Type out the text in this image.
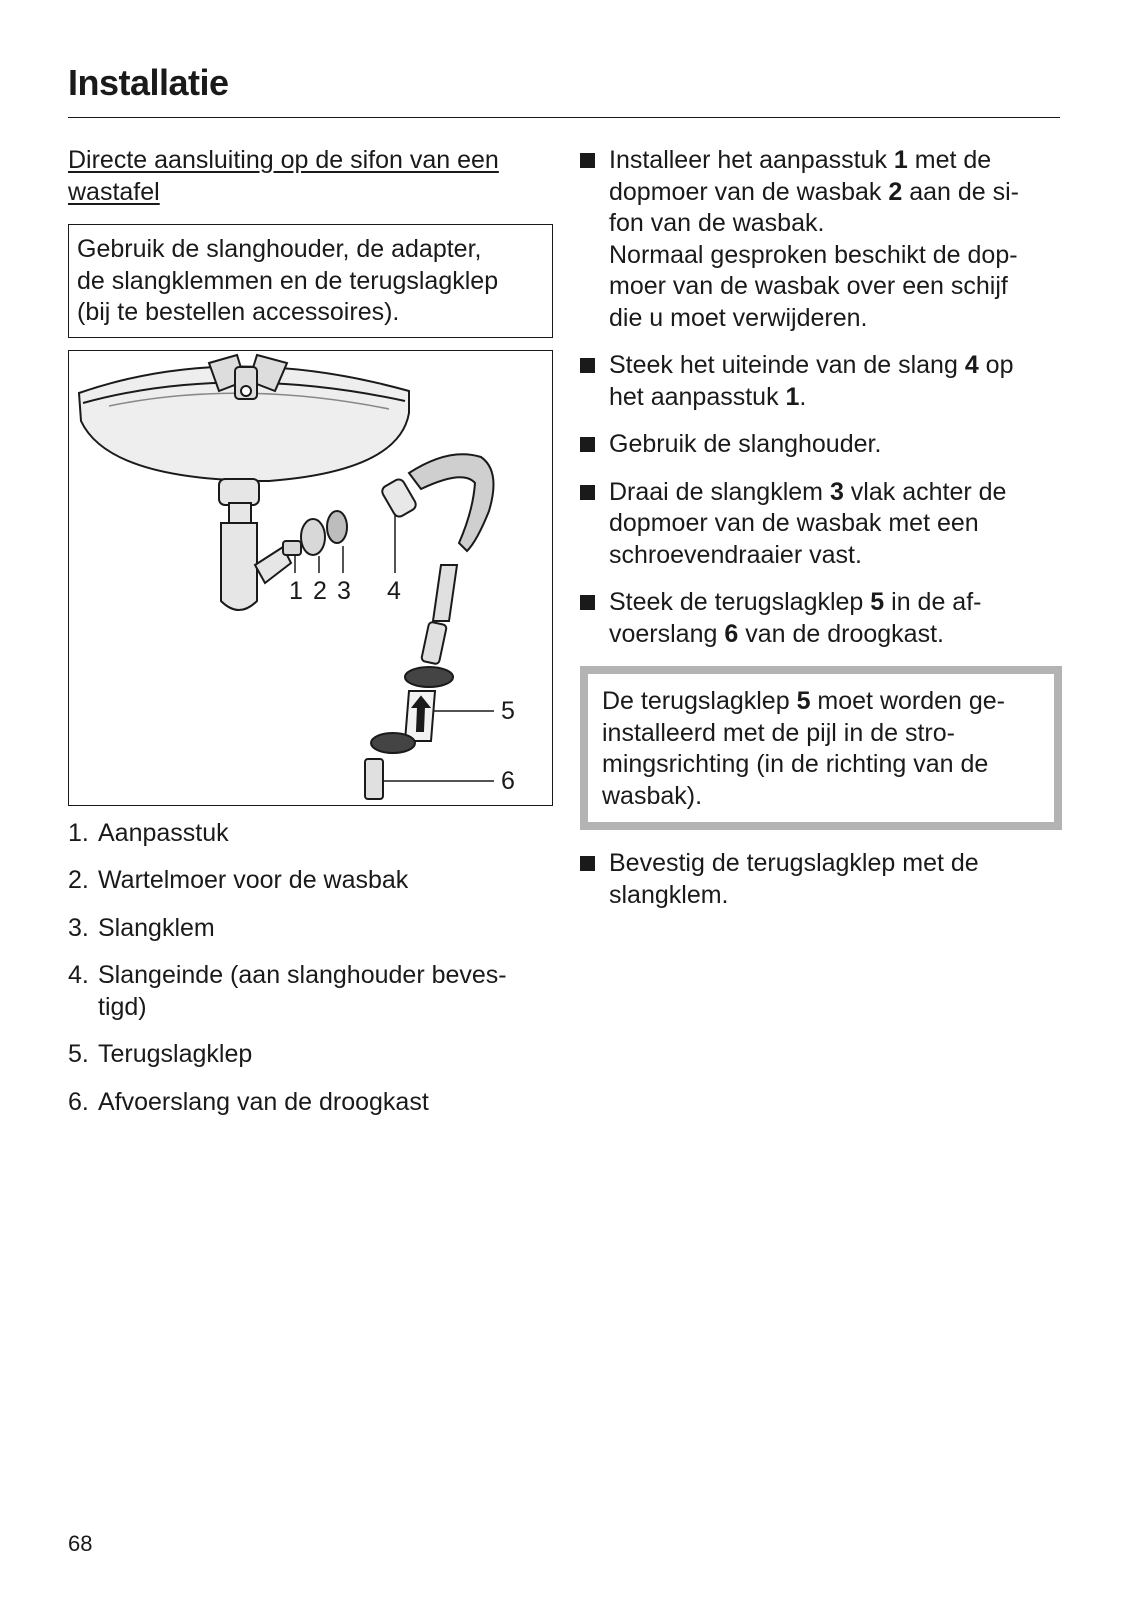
Installatie

Directe aansluiting op de sifon van een
wastafel

Gebruik de slanghouder, de adapter,
de slangklemmen en de terugslagklep
(bij te bestellen accessoires).
1 2 3 4
5
6
1. Aanpasstuk
2. Wartelmoer voor de wasbak
3. Slangklem
4. Slangeinde (aan slanghouder beves-
tigd)
5. Terugslagklep
6. Afvoerslang van de droogkast
Installeer het aanpasstuk 1 met de
dopmoer van de wasbak 2 aan de si-
fon van de wasbak.
Normaal gesproken beschikt de dop-
moer van de wasbak over een schijf
die u moet verwijderen.
Steek het uiteinde van de slang 4 op
het aanpasstuk 1.
Gebruik de slanghouder.
Draai de slangklem 3 vlak achter de
dopmoer van de wasbak met een
schroevendraaier vast.
Steek de terugslagklep 5 in de af-
voerslang 6 van de droogkast.
De terugslagklep 5 moet worden ge-
installeerd met de pijl in de stro-
mingsrichting (in de richting van de
wasbak).
Bevestig de terugslagklep met de
slangklem.
68
